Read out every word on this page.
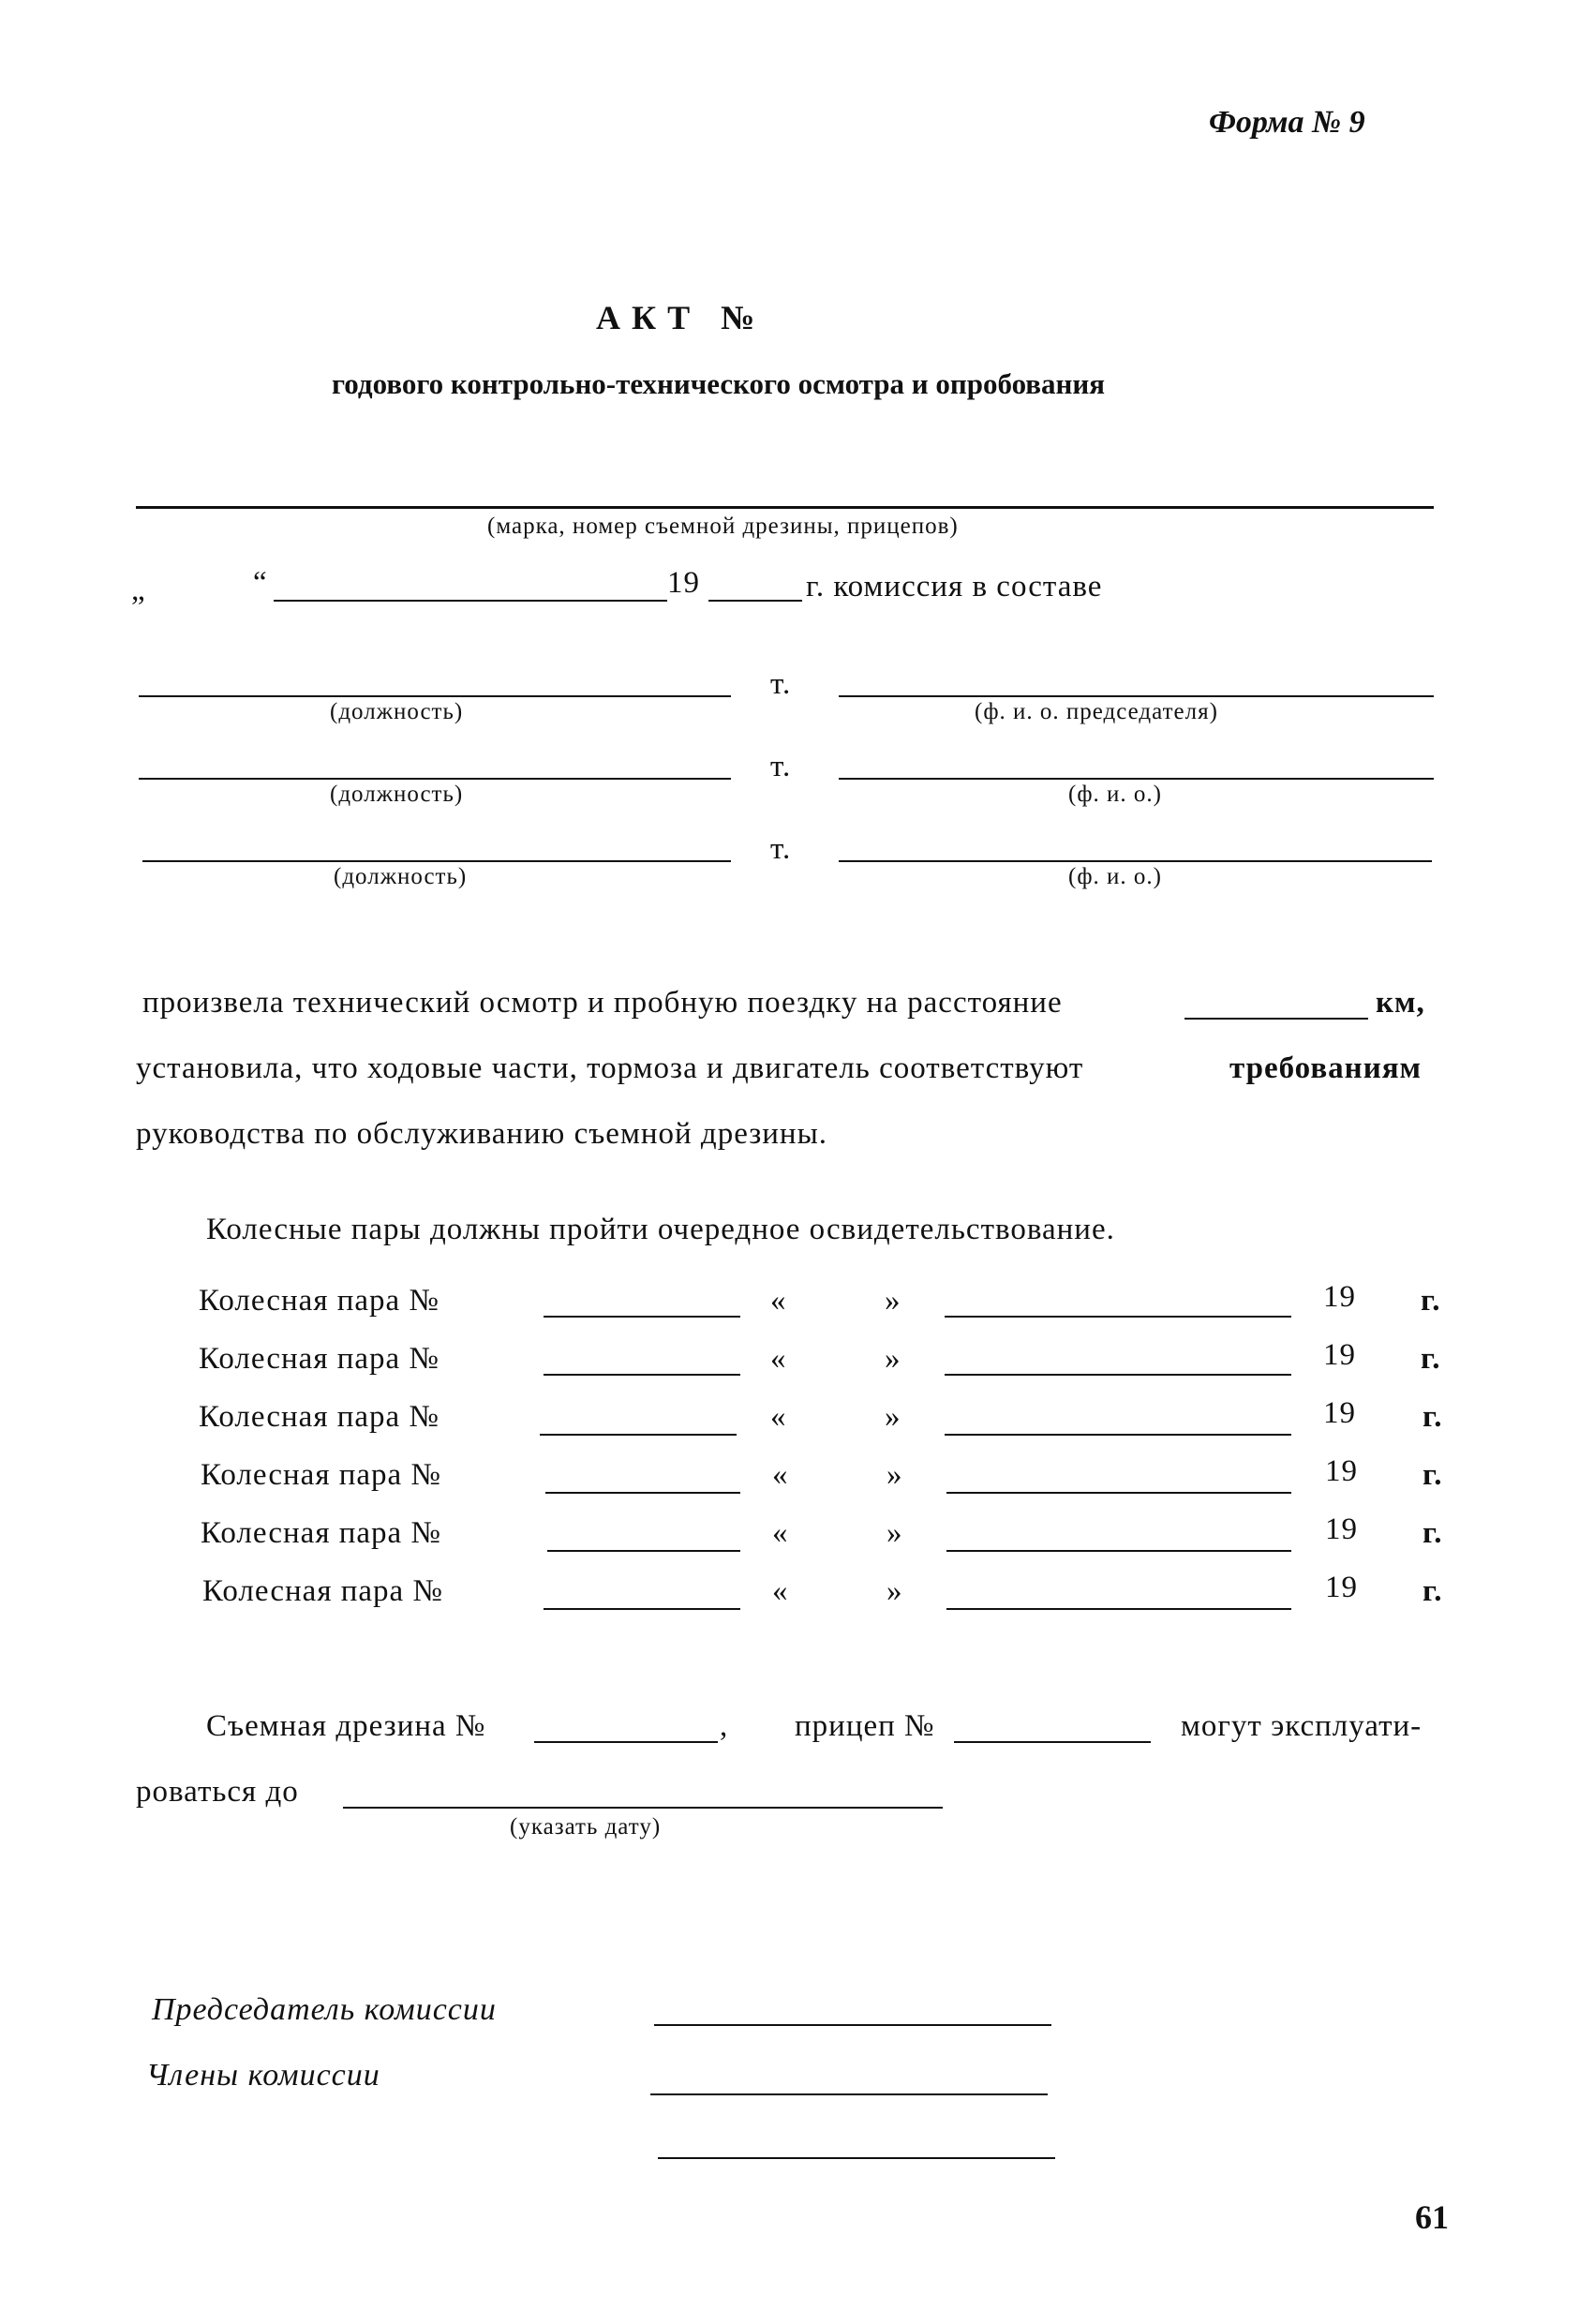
Форма № 9
АКТ №
годового контрольно-технического осмотра и опробования
(марка, номер съемной дрезины, прицепов)
„	“	19	г. комиссия в составе
т.
(должность)	(ф. и. о. председателя)
т.
(должность)	(ф. и. о.)
т.
(должность)	(ф. и. о.)
произвела технический осмотр и пробную поездку на расстояние	км,
установила, что ходовые части, тормоза и двигатель соответствуют	требованиям
руководства по обслуживанию съемной дрезины.
Колесные пары должны пройти очередное освидетельствование.
Колесная пара №	«	»	19 г.
Колесная пара №	«	»	19 г.
Колесная пара №	«	»	19 г.
Колесная пара №	«	»	19 г.
Колесная пара №	«	»	19 г.
Колесная пара №	«	»	19 г.
Съемная дрезина №	, прицеп №	могут эксплуати-
роваться до
(указать дату)
Председатель комиссии
Члены комиссии
61
